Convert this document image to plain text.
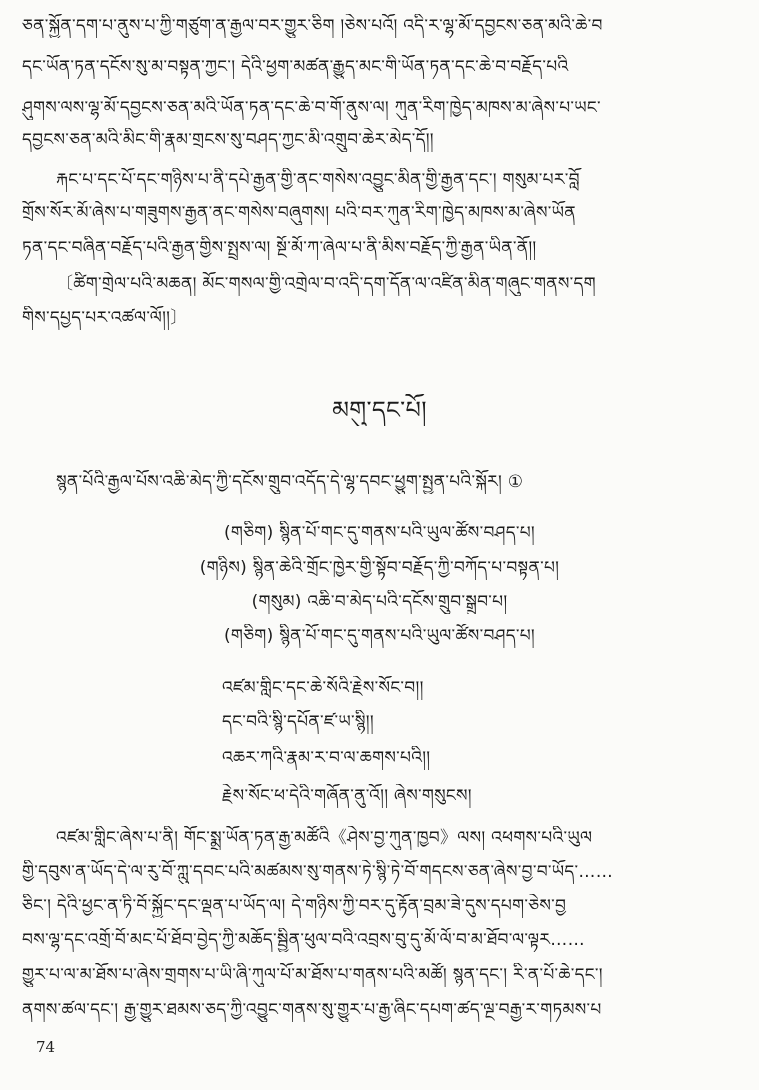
ཅན་སྐྱོན་དག་པ་ནུས་པ་ཀྱི་གཙུག་ན་རྒྱལ་བར་གྱུར་ཅིག །ཅེས་པའོ། འདི་ར་ལྷ་མོ་དབྱངས་ཅན་མའི་ཆེ་བ
དང་ཡོན་ཏན་དངོས་སུ་མ་བསྟན་ཀྱང་། དེའི་ཕྱག་མཚན་རྒྱུད་མང་གི་ཡོན་ཏན་དང་ཆེ་བ་བརྗོད་པའི
ཤུགས་ལས་ལྷ་མོ་དབྱངས་ཅན་མའི་ཡོན་ཏན་དང་ཆེ་བ་གོ་ནུས་ལ། ཀུན་རིག་ཁྱེད་མཁས་མ་ཞེས་པ་ཡང་
དབྱངས་ཅན་མའི་མིང་གི་རྣམ་གྲངས་སུ་བཤད་ཀྱང་མི་འགྲུབ་ཆེར་མེད་དོ།།
རྐང་པ་དང་པོ་དང་གཉིས་པ་ནི་དཔེ་རྒྱན་གྱི་ནང་གསེས་འབྱུང་མིན་གྱི་རྒྱན་དང་། གསུམ་པར་བློ
གྲོས་སོར་མོ་ཞེས་པ་གཟུགས་རྒྱན་ནང་གསེས་བཞུགས། པའི་བར་ཀུན་རིག་ཁྱེད་མཁས་མ་ཞེས་ཡོན
ཏན་དང་བཞིན་བརྗོད་པའི་རྒྱན་གྱིས་སྤྲས་ལ། སྔོ་མོ་ཀ་ཞེལ་པ་ནི་མིས་བརྗོད་ཀྱི་རྒྱན་ཡིན་ནོ།།
〔ཚིག་གྲེལ་པའི་མཆན། མོང་གསལ་གྱི་འགྲེལ་བ་འདི་དག་དོན་ལ་འཛིན་མིན་གཞུང་གནས་དག
གིས་དཔྱད་པར་འཚལ་ལོ།།〕
མགུ་དང་པོ།
སྙན་པོའི་རྒྱལ་པོས་འཆི་མེད་ཀྱི་དངོས་གྲུབ་འདོད་དེ་ལྷ་དབང་ཕྱུག་སྤྱན་པའི་སྐོར། ①
(གཅིག) སྙིན་པོ་གང་དུ་གནས་པའི་ཡུལ་ཚོས་བཤད་པ།
(གཉིས) སྙིན་ཆེའི་གྲོང་ཁྱེར་གྱི་སྟོབ་བརྗོད་ཀྱི་བཀོད་པ་བསྟན་པ།
(གསུམ) འཆི་བ་མེད་པའི་དངོས་གྲུབ་སྒྲུབ་པ།
(གཅིག) སྙིན་པོ་གང་དུ་གནས་པའི་ཡུལ་ཚོས་བཤད་པ།
འཛམ་གླིང་དང་ཆེ་སོའི་རྗེས་སོང་བ།།
དང་བའི་སྙི་དཔོན་ཛ་ཡ་སྙི།།
འཆར་ཀའི་རྣམ་ར་བ་ལ་ཆགས་པའི།།
རྗེས་སོང་ཕ་དེའི་གཞོན་ནུ་འོ།། ཞེས་གསུངས།
འཛམ་གླིང་ཞེས་པ་ནི། གོང་སྨྲ་ཡོན་ཏན་རྒྱ་མཚོའི《ཤེས་བྱ་ཀུན་ཁྱབ》ལས། འཕགས་པའི་ཡུལ
གྱི་དབུས་ན་ཡོད་དེ་ལ་རུ་བོ་ཀླུ་དབང་པའི་མཚམས་སུ་གནས་ཏེ་སྙི་ཏེ་བོ་གདངས་ཅན་ཞེས་བྱ་བ་ཡོད་……
ཅིང་། དེའི་ཕྱང་ན་ཏི་བོ་སྐྱོང་དང་ལྡན་པ་ཡོད་ལ། དེ་གཉིས་ཀྱི་བར་དུ་རྟོན་བྲམ་ཟེ་དུས་དཔག་ཅེས་བྱ
བས་ལྷ་དང་འགྲོ་བོ་མང་པོ་ཐོབ་བྱེད་ཀྱི་མཆོད་སྦྱིན་ཕུལ་བའི་འབྲས་བུ་དུ་མོ་ལོ་བ་མ་ཐོབ་ལ་ལྟར……
གྱུར་པ་ལ་མ་ཐོས་པ་ཞེས་གྲགས་པ་ཡི་ཞི་ཀུལ་པོ་མ་ཐོས་པ་གནས་པའི་མཚོ། སྙན་དང་། རི་ན་པོ་ཆེ་དང་།
ནགས་ཚལ་དང་། རྒྱ་གྱུར་ཐམས་ཅད་ཀྱི་འབྱུང་གནས་སུ་གྱུར་པ་རྒྱ་ཞིང་དཔག་ཚད་ལྔ་བརྒྱ་ར་གཏམས་པ
74
